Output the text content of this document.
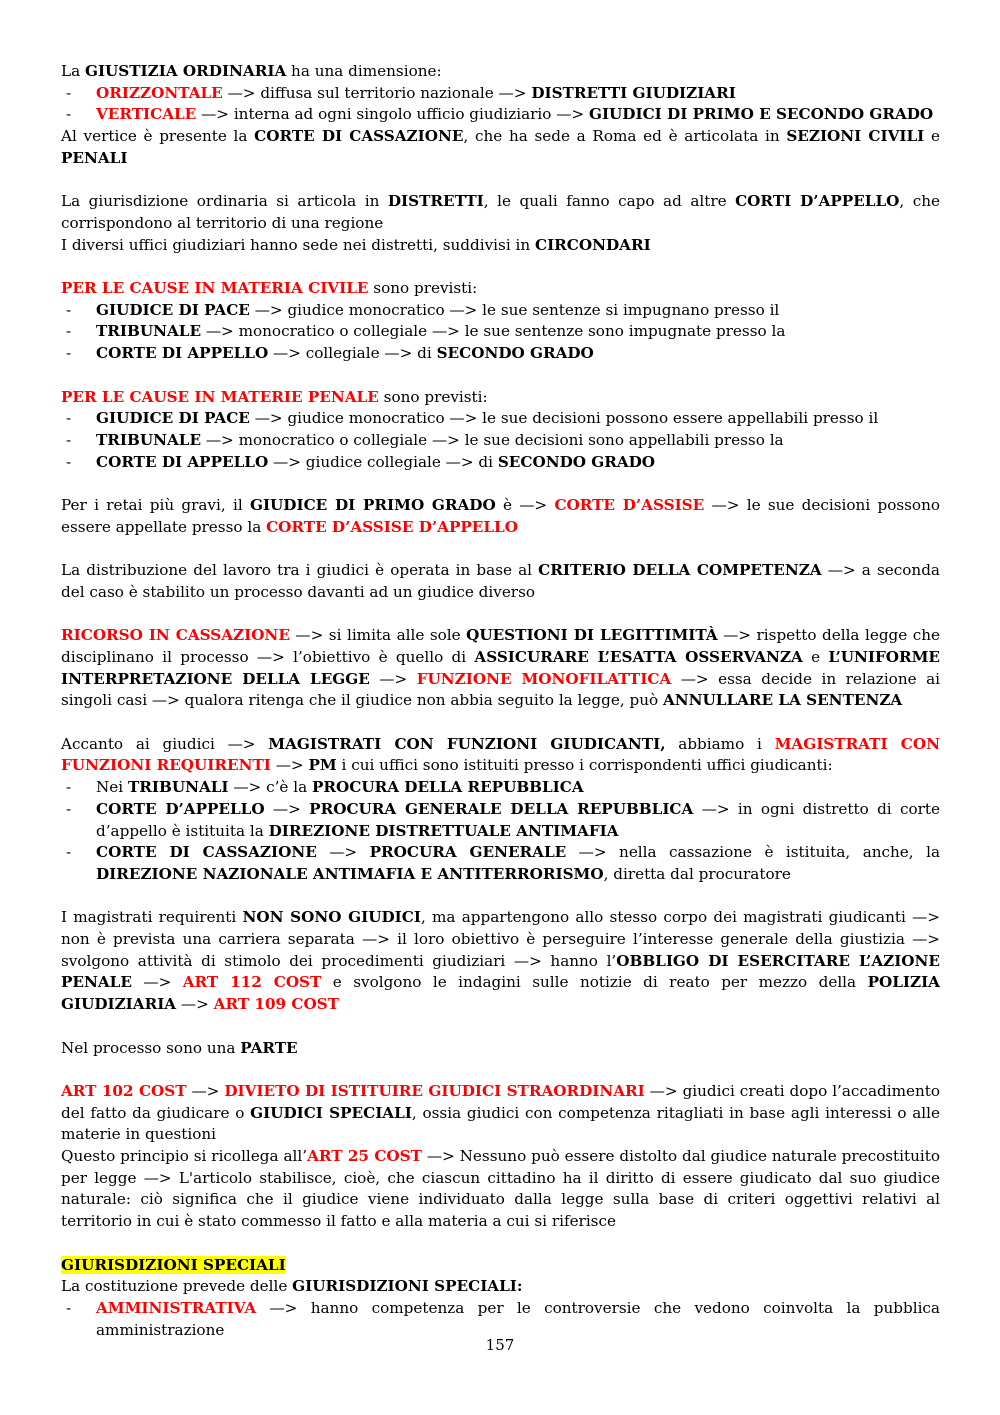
La GIUSTIZIA ORDINARIA ha una dimensione:
- ORIZZONTALE —> diffusa sul territorio nazionale —> DISTRETTI GIUDIZIARI
- VERTICALE —> interna ad ogni singolo ufficio giudiziario —> GIUDICI DI PRIMO E SECONDO GRADO
Al vertice è presente la CORTE DI CASSAZIONE, che ha sede a Roma ed è articolata in SEZIONI CIVILI e PENALI
La giurisdizione ordinaria si articola in DISTRETTI, le quali fanno capo ad altre CORTI D’APPELLO, che corrispondono al territorio di una regione
I diversi uffici giudiziari hanno sede nei distretti, suddivisi in CIRCONDARI
PER LE CAUSE IN MATERIA CIVILE sono previsti:
- GIUDICE DI PACE —> giudice monocratico —> le sue sentenze si impugnano presso il
- TRIBUNALE —> monocratico o collegiale —> le sue sentenze sono impugnate presso la
- CORTE DI APPELLO —> collegiale —> di SECONDO GRADO
PER LE CAUSE IN MATERIE PENALE sono previsti:
- GIUDICE DI PACE —> giudice monocratico —> le sue decisioni possono essere appellabili presso il
- TRIBUNALE —> monocratico o collegiale —> le sue decisioni sono appellabili presso la
- CORTE DI APPELLO —> giudice collegiale —> di SECONDO GRADO
Per i retai più gravi, il GIUDICE DI PRIMO GRADO è —> CORTE D’ASSISE —> le sue decisioni possono essere appellate presso la CORTE D’ASSISE D’APPELLO
La distribuzione del lavoro tra i giudici è operata in base al CRITERIO DELLA COMPETENZA —> a seconda del caso è stabilito un processo davanti ad un giudice diverso
RICORSO IN CASSAZIONE —> si limita alle sole QUESTIONI DI LEGITTIMITÀ —> rispetto della legge che disciplinano il processo —> l’obiettivo è quello di ASSICURARE L’ESATTA OSSERVANZA e L’UNIFORME INTERPRETAZIONE DELLA LEGGE —> FUNZIONE MONOFILATTICA —> essa decide in relazione ai singoli casi —> qualora ritenga che il giudice non abbia seguito la legge, può ANNULLARE LA SENTENZA
Accanto ai giudici —> MAGISTRATI CON FUNZIONI GIUDICANTI, abbiamo i MAGISTRATI CON FUNZIONI REQUIRENTI —> PM i cui uffici sono istituiti presso i corrispondenti uffici giudicanti:
- Nei TRIBUNALI —> c’è la PROCURA DELLA REPUBBLICA
- CORTE D’APPELLO —> PROCURA GENERALE DELLA REPUBBLICA —> in ogni distretto di corte d’appello è istituita la DIREZIONE DISTRETTUALE ANTIMAFIA
- CORTE DI CASSAZIONE —> PROCURA GENERALE —> nella cassazione è istituita, anche, la DIREZIONE NAZIONALE ANTIMAFIA E ANTITERRORISMO, diretta dal procuratore
I magistrati requirenti NON SONO GIUDICI, ma appartengono allo stesso corpo dei magistrati giudicanti —> non è prevista una carriera separata —> il loro obiettivo è perseguire l’interesse generale della giustizia —> svolgono attività di stimolo dei procedimenti giudiziari —> hanno l’OBBLIGO DI ESERCITARE L’AZIONE PENALE —> ART 112 COST e svolgono le indagini sulle notizie di reato per mezzo della POLIZIA GIUDIZIARIA —> ART 109 COST
Nel processo sono una PARTE
ART 102 COST —> DIVIETO DI ISTITUIRE GIUDICI STRAORDINARI —> giudici creati dopo l’accadimento del fatto da giudicare o GIUDICI SPECIALI, ossia giudici con competenza ritagliati in base agli interessi o alle materie in questioni
Questo principio si ricollega all’ART 25 COST —> Nessuno può essere distolto dal giudice naturale precostituito per legge —> L'articolo stabilisce, cioè, che ciascun cittadino ha il diritto di essere giudicato dal suo giudice naturale: ciò significa che il giudice viene individuato dalla legge sulla base di criteri oggettivi relativi al territorio in cui è stato commesso il fatto e alla materia a cui si riferisce
GIURISDIZIONI SPECIALI
La costituzione prevede delle GIURISDIZIONI SPECIALI:
- AMMINISTRATIVA —> hanno competenza per le controversie che vedono coinvolta la pubblica amministrazione
157
